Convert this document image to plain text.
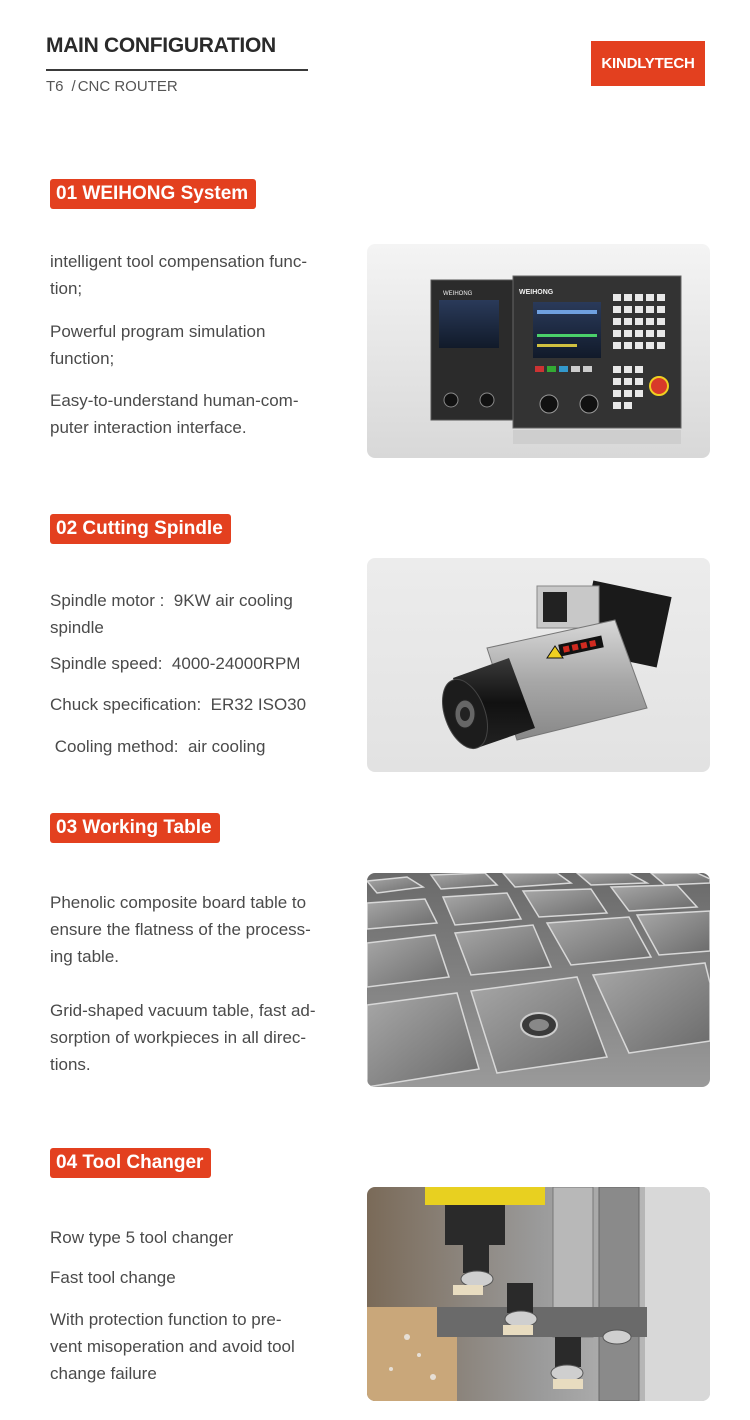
MAIN CONFIGURATION
T6 / CNC ROUTER
KINDLYTECH
01 WEIHONG System

intelligent tool compensation func-
tion;

Powerful program simulation
function;

Easy-to-understand human-com-
puter interaction interface.

WEIHONG	WEIHONG
02 Cutting Spindle

Spindle motor :  9KW air cooling
spindle

Spindle speed:  4000-24000RPM

Chuck specification:  ER32 ISO30

Cooling method:  air cooling

03 Working Table

Phenolic composite board table to
ensure the flatness of the process-
ing table.

Grid-shaped vacuum table, fast ad-
sorption of workpieces in all direc-
tions.

04 Tool Changer

Row type 5 tool changer

Fast tool change

With protection function to pre-
vent misoperation and avoid tool
change failure
